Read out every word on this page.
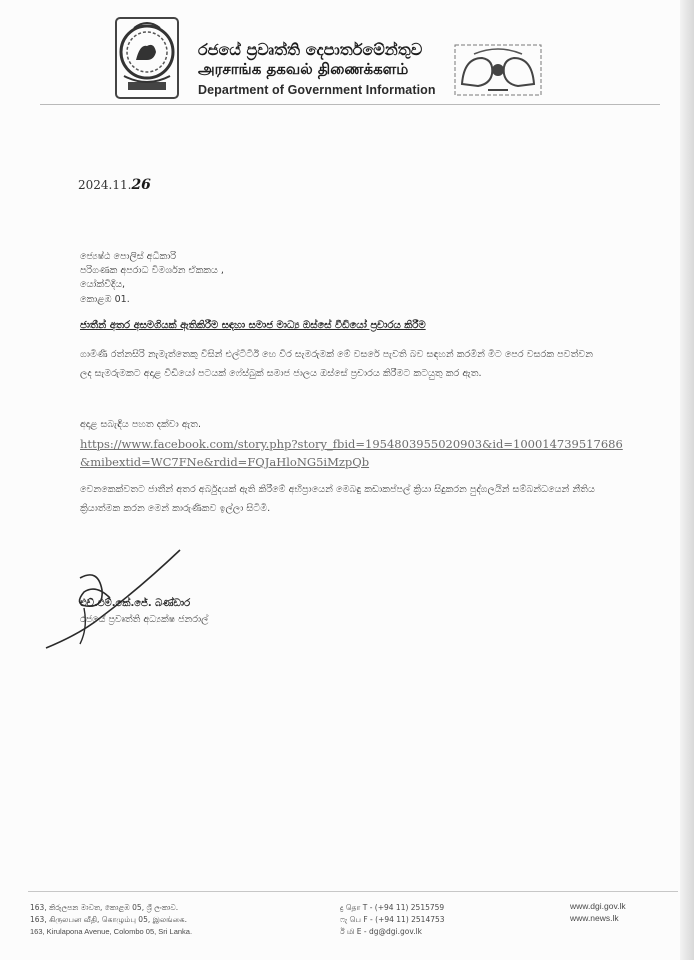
රජයේ ප්‍රවෘත්ති දෙපාර්තමේන්තුව
அரசாங்க தகவல் திணைக்களம்
Department of Government Information
2024.11.26
ජ්‍යෙෂ්ඨ පොලිස් අධිකාරි
පරිගණක අපරාධ විමර්ශන ඒකකය ,
යෝක්වීදිය,
කොළඹ 01.
ජාතීන් අතර අසමගියක් ඇතිකිරීම සඳහා සමාජ මාධ්‍ය ඔස්සේ වීඩියෝ ප්‍රචාරය කිරීම
ගාමිණී රත්නසිරි නැමැත්තෙකු විසින් එල්ටීටීඊ හෙ වීර සැමරුමක් මේ වසරේ පැවති බව සඳහන් කරමින් මීට පෙර වසරක පවත්වන ලද සැමරුමකට අදාළ වීඩියෝ පටයක් ෆේස්බුක් සමාජ ජාලය ඔස්සේ ප්‍රචාරය කිරීමට කටයුතු කර ඇත.
අදාළ සබැඳිය පහත දක්වා ඇත.
https://www.facebook.com/story.php?story_fbid=1954803955020903&id=100014739517686
&mibextid=WC7FNe&rdid=FQJaHloNG5iMzpQb
වෙනකෙක්වතට ජාතීන් අතර අර්බුදයක් ඇති කිරීමේ අභිප්‍රායෙන් මෙබඳු කඩාකප්පල් ක්‍රියා සිදුකරන පුද්ගලයින් සම්බන්ධයෙන් නීතිය ක්‍රියාත්මක කරන මෙන් කාරුණිකව ඉල්ලා සිටිමි.
එච්.එම්.කේ.ජේ. බණ්ඩාර
රජයේ ප්‍රවෘත්ති අධ්‍යක්ෂ ජනරාල්
163, කිරුලපන මාවත, කොළඹ 05, ශ්‍රී ලංකාව.
163, கிருலபன வீதி, கொழும்பு 05, இலங்கை.
163, Kirulapona Avenue, Colombo 05, Sri Lanka.
දු தொ T - (+94 11) 2515759
ෆැ பெ F - (+94 11) 2514753
ඊ மி E - dg@dgi.gov.lk
www.dgi.gov.lk
www.news.lk
